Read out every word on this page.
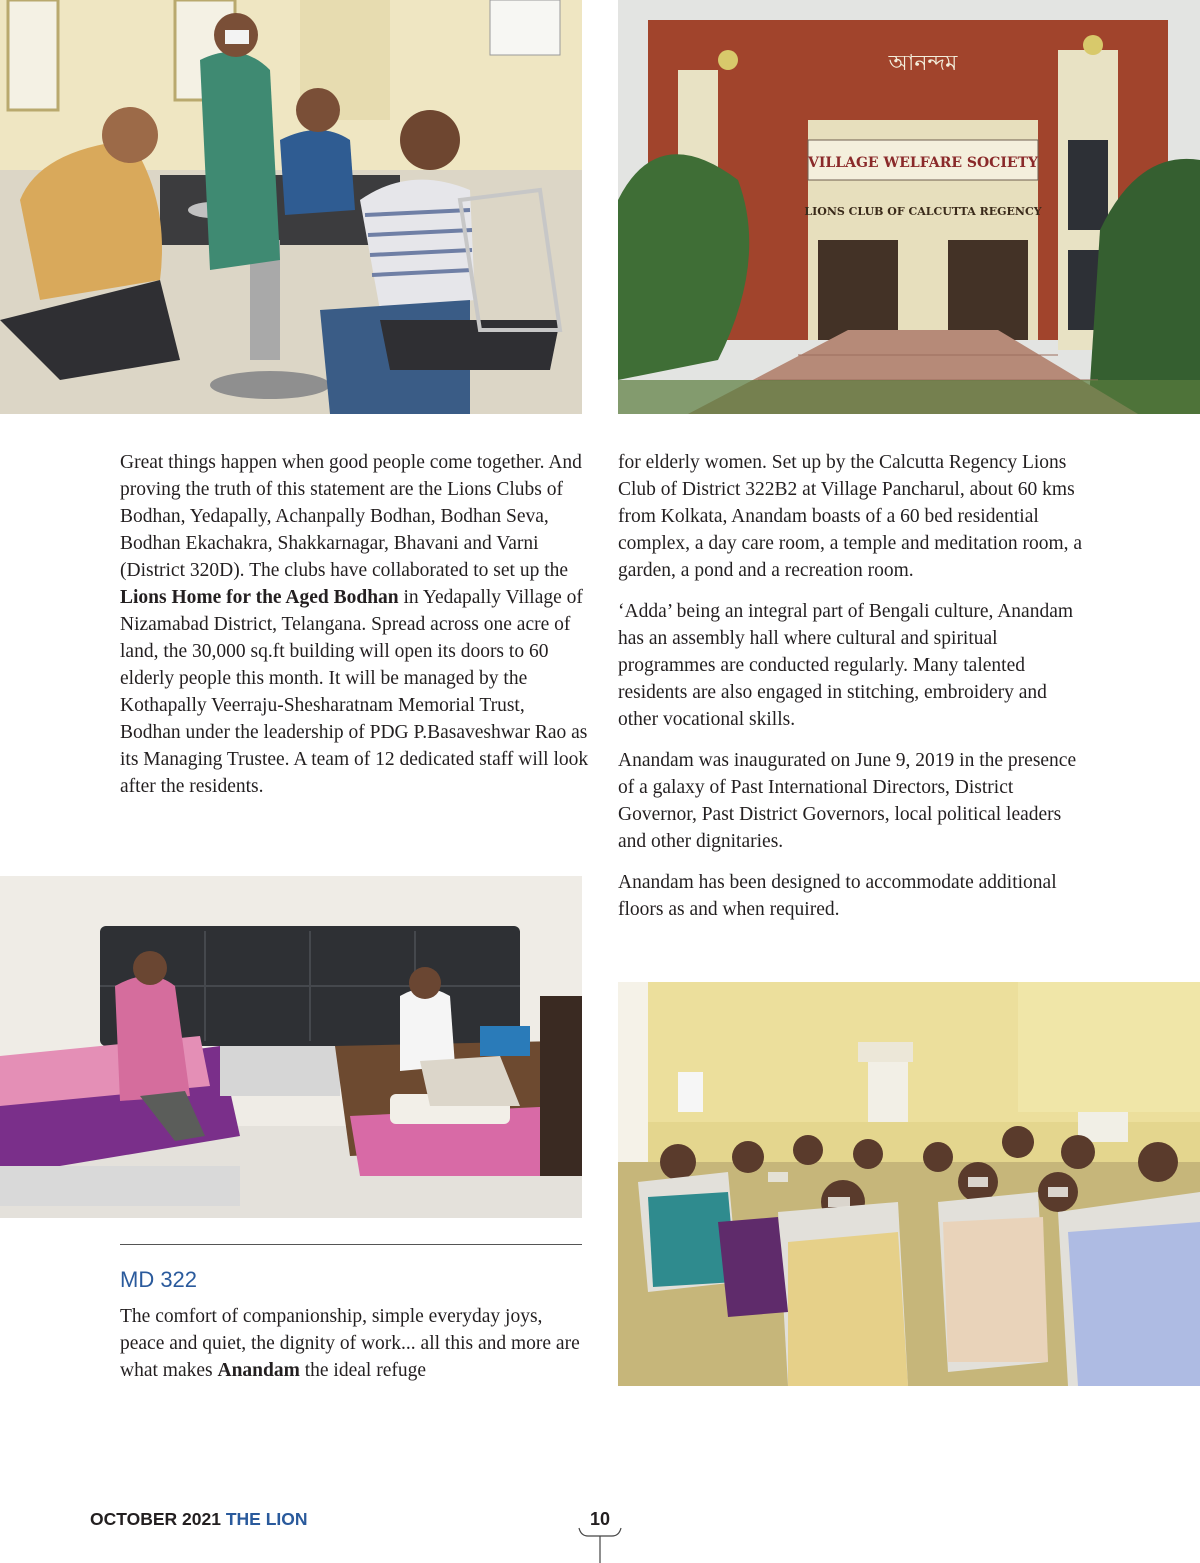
VILLAGE WELFARE SOCIETY
LIONS CLUB OF CALCUTTA REGENCY
আনন্দম

Great things happen when good people come together. And proving the truth of this statement are the Lions Clubs of Bodhan, Yedapally, Achanpally Bodhan, Bodhan Seva, Bodhan Ekachakra, Shakkarnagar, Bhavani and Varni (District 320D). The clubs have collaborated to set up the Lions Home for the Aged Bodhan in Yedapally Village of Nizamabad District, Telangana. Spread across one acre of land, the 30,000 sq.ft building will open its doors to 60 elderly people this month. It will be managed by the Kothapally Veerraju-Shesharatnam Memorial Trust, Bodhan under the leadership of PDG P.Basaveshwar Rao as its Managing Trustee. A team of 12 dedicated staff will look after the residents.

for elderly women. Set up by the Calcutta Regency Lions Club of District 322B2 at Village Pancharul, about 60 kms from Kolkata, Anandam boasts of a 60 bed residential complex, a day care room, a temple and meditation room, a garden, a pond and a recreation room.

‘Adda’ being an integral part of Bengali culture, Anandam has an assembly hall where cultural and spiritual programmes are conducted regularly. Many talented residents are also engaged in stitching, embroidery and other vocational skills.

Anandam was inaugurated on June 9, 2019 in the presence of a galaxy of Past International Directors, District Governor, Past District Governors, local political leaders and other dignitaries.

Anandam has been designed to accommodate additional floors as and when required.

MD 322

The comfort of companionship, simple everyday joys, peace and quiet, the dignity of work... all this and more are what makes Anandam the ideal refuge

OCTOBER 2021 THE LION	10
